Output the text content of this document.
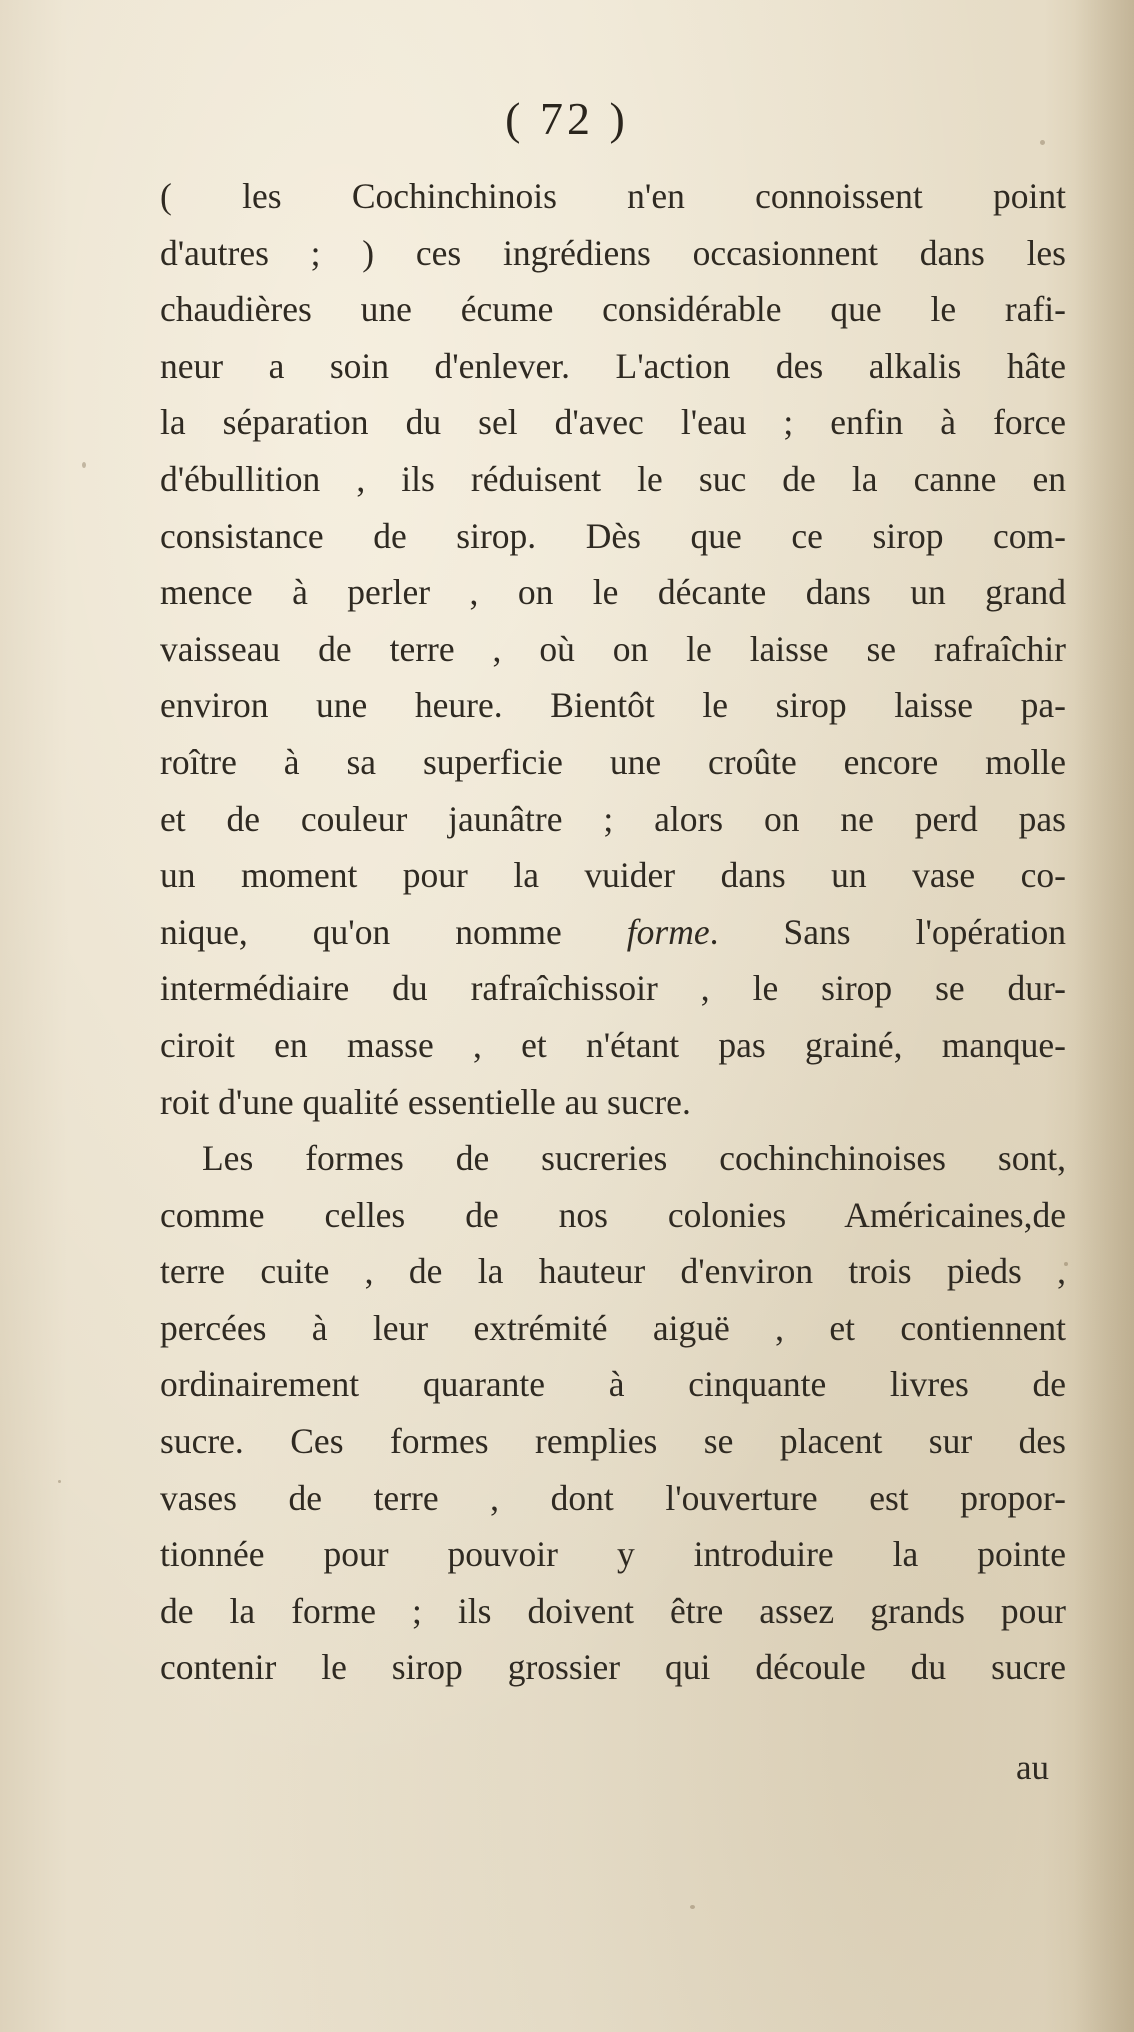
( 72 )
( les Cochinchinois n'en connoissent point
d'autres ; ) ces ingrédiens occasionnent dans les
chaudières une écume considérable que le rafi-
neur a soin d'enlever. L'action des alkalis hâte
la séparation du sel d'avec l'eau ; enfin à force
d'ébullition , ils réduisent le suc de la canne en
consistance de sirop. Dès que ce sirop com-
mence à perler , on le décante dans un grand
vaisseau de terre , où on le laisse se rafraîchir
environ une heure. Bientôt le sirop laisse pa-
roître à sa superficie une croûte encore molle
et de couleur jaunâtre ; alors on ne perd pas
un moment pour la vuider dans un vase co-
nique, qu'on nomme forme. Sans l'opération
intermédiaire du rafraîchissoir , le sirop se dur-
ciroit en masse , et n'étant pas grainé, manque-
roit d'une qualité essentielle au sucre.
Les formes de sucreries cochinchinoises sont,
comme celles de nos colonies Américaines,de
terre cuite , de la hauteur d'environ trois pieds ,
percées à leur extrémité aiguë , et contiennent
ordinairement quarante à cinquante livres de
sucre. Ces formes remplies se placent sur des
vases de terre , dont l'ouverture est propor-
tionnée pour pouvoir y introduire la pointe
de la forme ; ils doivent être assez grands pour
contenir le sirop grossier qui découle du sucre
au
